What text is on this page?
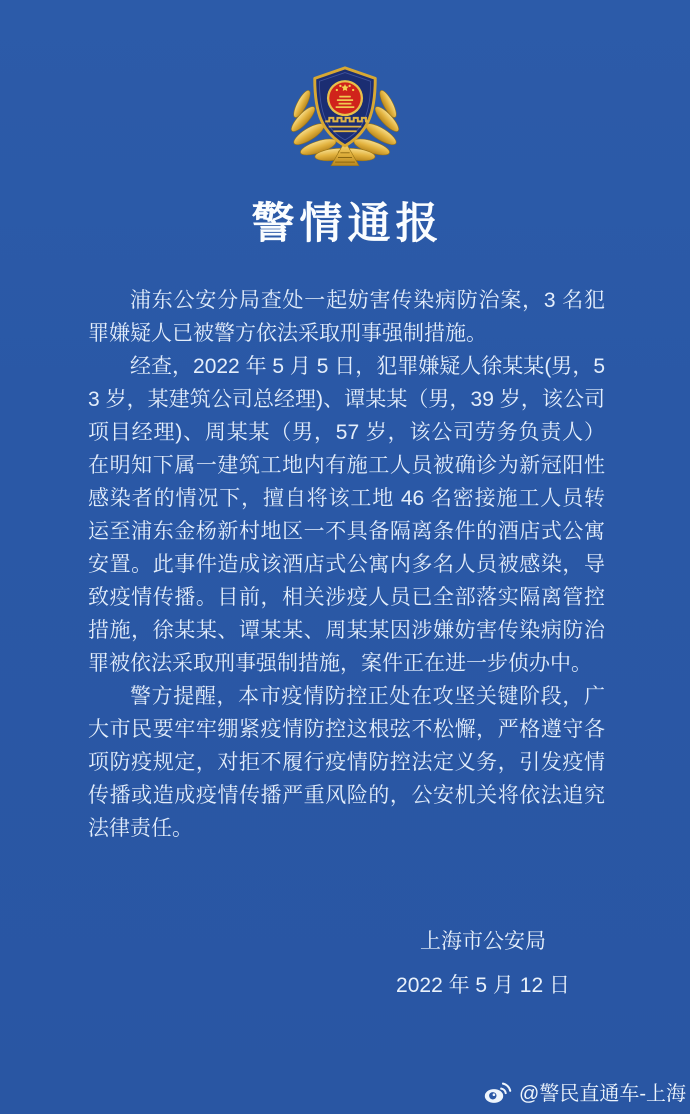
警情通报

浦东公安分局查处一起妨害传染病防治案，3 名犯罪嫌疑人已被警方依法采取刑事强制措施。

经查，2022 年 5 月 5 日，犯罪嫌疑人徐某某(男，53 岁，某建筑公司总经理)、谭某某（男，39 岁，该公司项目经理)、周某某（男，57 岁，该公司劳务负责人）在明知下属一建筑工地内有施工人员被确诊为新冠阳性感染者的情况下，擅自将该工地 46 名密接施工人员转运至浦东金杨新村地区一不具备隔离条件的酒店式公寓安置。此事件造成该酒店式公寓内多名人员被感染，导致疫情传播。目前，相关涉疫人员已全部落实隔离管控措施，徐某某、谭某某、周某某因涉嫌妨害传染病防治罪被依法采取刑事强制措施，案件正在进一步侦办中。

警方提醒，本市疫情防控正处在攻坚关键阶段，广大市民要牢牢绷紧疫情防控这根弦不松懈，严格遵守各项防疫规定，对拒不履行疫情防控法定义务，引发疫情传播或造成疫情传播严重风险的，公安机关将依法追究法律责任。

上海市公安局
2022 年 5 月 12 日
@警民直通车-上海
